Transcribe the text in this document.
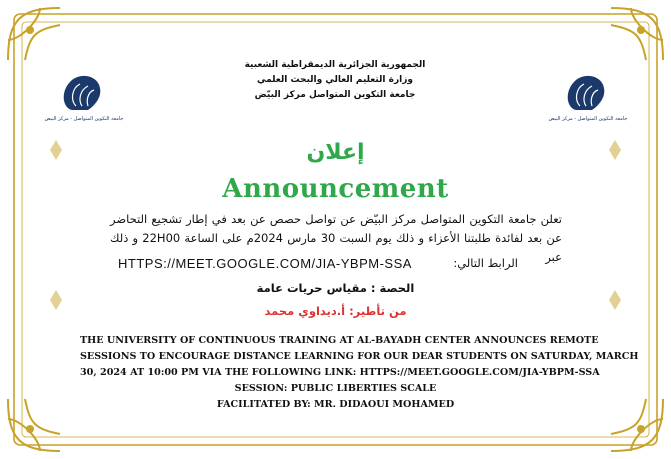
جامعة التكوين المتواصل - مركز البيض	جامعة التكوين المتواصل - مركز البيض
الجمهورية الجزائرية الديمقراطية الشعبية
وزارة التعليم العالي والبحث العلمي
جامعة التكوين المتواصل مركز البيّض
إعلان
Announcement
تعلن جامعة التكوين المتواصل مركز البيّض عن تواصل حصص عن بعد في إطار تشجيع التحاضر عن بعد لفائدة طلبتنا الأعزاء و ذلك يوم السبت 30 مارس 2024م على الساعة 22H00 و ذلك عبر
الرابط التالي:
HTTPS://MEET.GOOGLE.COM/JIA-YBPM-SSA
الحصة : مقياس حريات عامة
من تأطير: أ.ديداوي محمد
THE UNIVERSITY OF CONTINUOUS TRAINING AT AL-BAYADH CENTER ANNOUNCES REMOTE
SESSIONS TO ENCOURAGE DISTANCE LEARNING FOR OUR DEAR STUDENTS ON SATURDAY, MARCH
30, 2024 AT 10:00 PM VIA THE FOLLOWING LINK: HTTPS://MEET.GOOGLE.COM/JIA-YBPM-SSA
SESSION: PUBLIC LIBERTIES SCALE
FACILITATED BY: MR. DIDAOUI MOHAMED
